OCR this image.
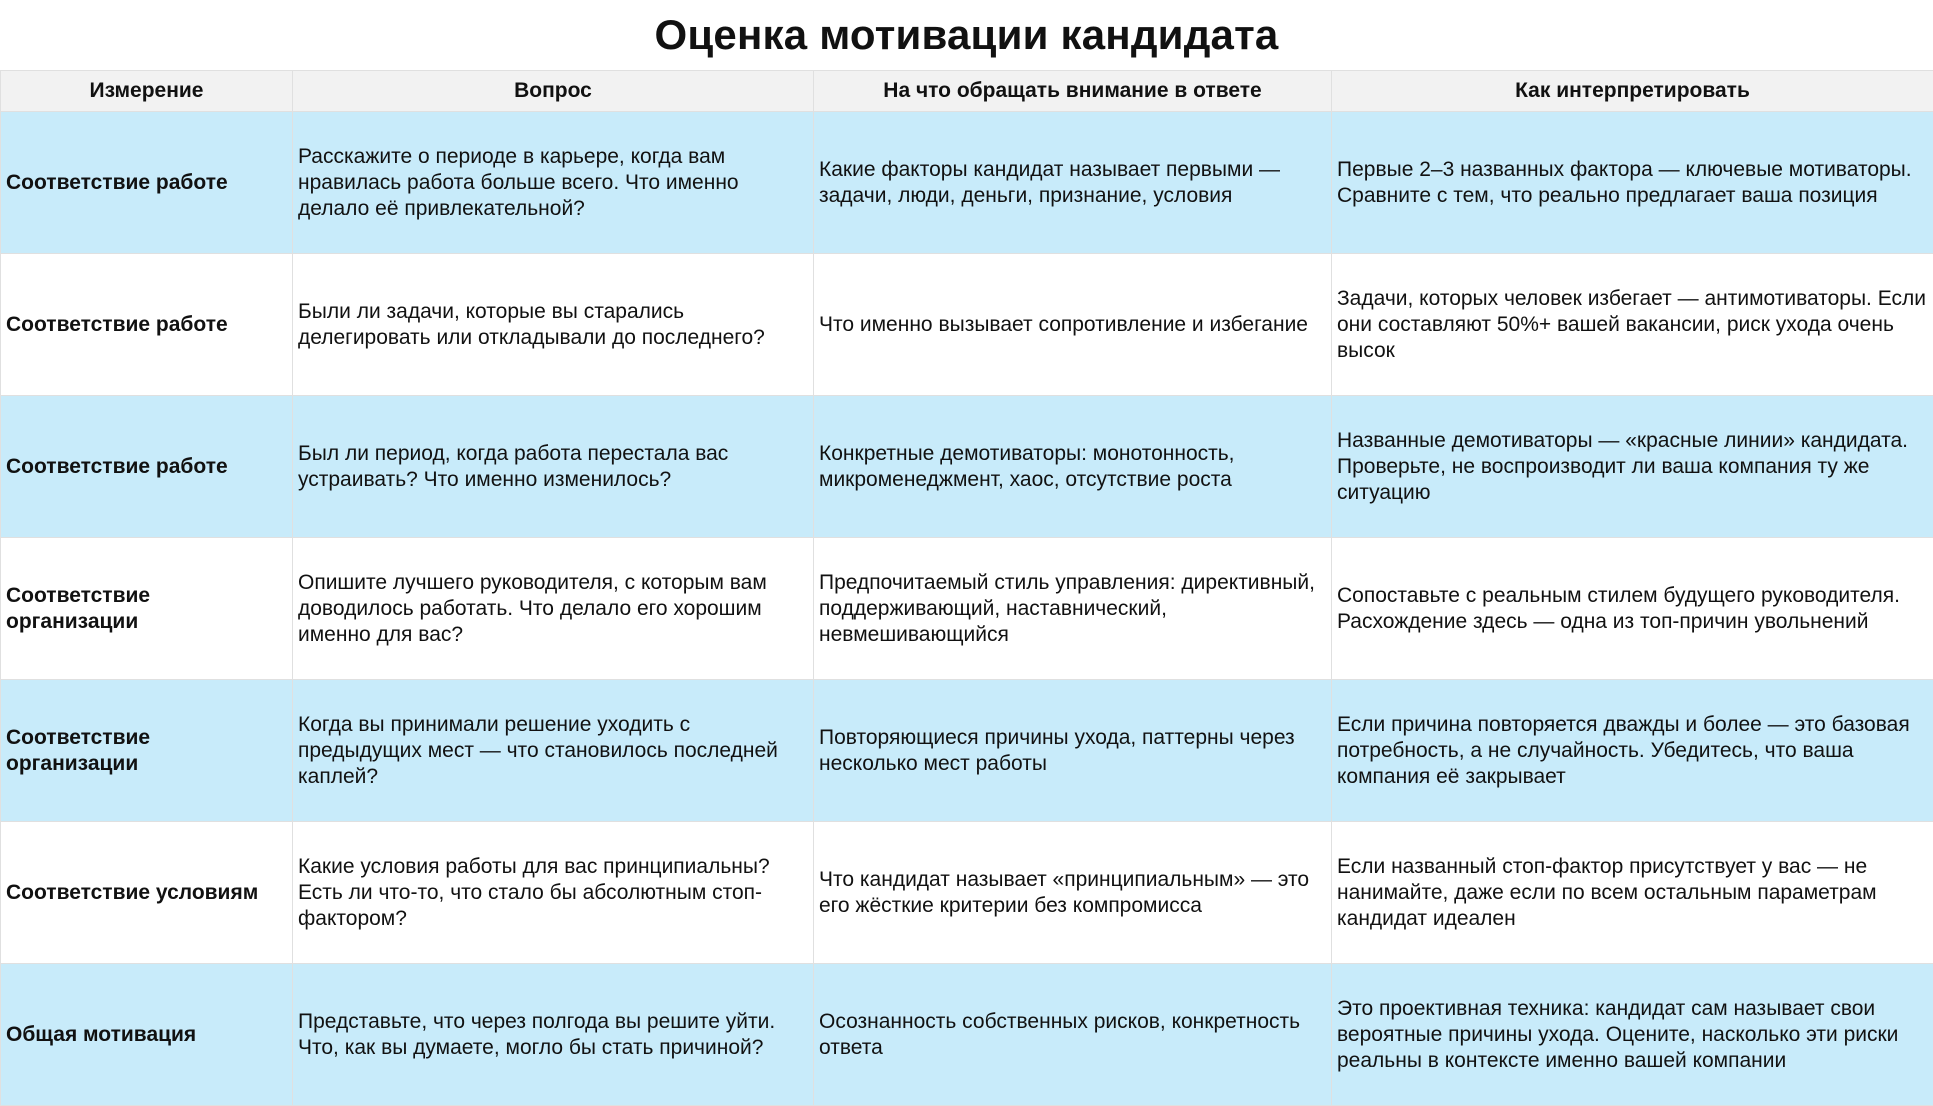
Оценка мотивации кандидата
Измерение	Вопрос	На что обращать внимание в ответе	Как интерпретировать
Соответствие работе	Расскажите о периоде в карьере, когда вам нравилась работа больше всего. Что именно делало её привлекательной?	Какие факторы кандидат называет первыми — задачи, люди, деньги, признание, условия	Первые 2–3 названных фактора — ключевые мотиваторы. Сравните с тем, что реально предлагает ваша позиция
Соответствие работе	Были ли задачи, которые вы старались делегировать или откладывали до последнего?	Что именно вызывает сопротивление и избегание	Задачи, которых человек избегает — антимотиваторы. Если они составляют 50%+ вашей вакансии, риск ухода очень высок
Соответствие работе	Был ли период, когда работа перестала вас устраивать? Что именно изменилось?	Конкретные демотиваторы: монотонность, микроменеджмент, хаос, отсутствие роста	Названные демотиваторы — «красные линии» кандидата. Проверьте, не воспроизводит ли ваша компания ту же ситуацию
Соответствие организации	Опишите лучшего руководителя, с которым вам доводилось работать. Что делало его хорошим именно для вас?	Предпочитаемый стиль управления: директивный, поддерживающий, наставнический, невмешивающийся	Сопоставьте с реальным стилем будущего руководителя. Расхождение здесь — одна из топ-причин увольнений
Соответствие организации	Когда вы принимали решение уходить с предыдущих мест — что становилось последней каплей?	Повторяющиеся причины ухода, паттерны через несколько мест работы	Если причина повторяется дважды и более — это базовая потребность, а не случайность. Убедитесь, что ваша компания её закрывает
Соответствие условиям	Какие условия работы для вас принципиальны? Есть ли что-то, что стало бы абсолютным стоп-фактором?	Что кандидат называет «принципиальным» — это его жёсткие критерии без компромисса	Если названный стоп-фактор присутствует у вас — не нанимайте, даже если по всем остальным параметрам кандидат идеален
Общая мотивация	Представьте, что через полгода вы решите уйти. Что, как вы думаете, могло бы стать причиной?	Осознанность собственных рисков, конкретность ответа	Это проективная техника: кандидат сам называет свои вероятные причины ухода. Оцените, насколько эти риски реальны в контексте именно вашей компании
